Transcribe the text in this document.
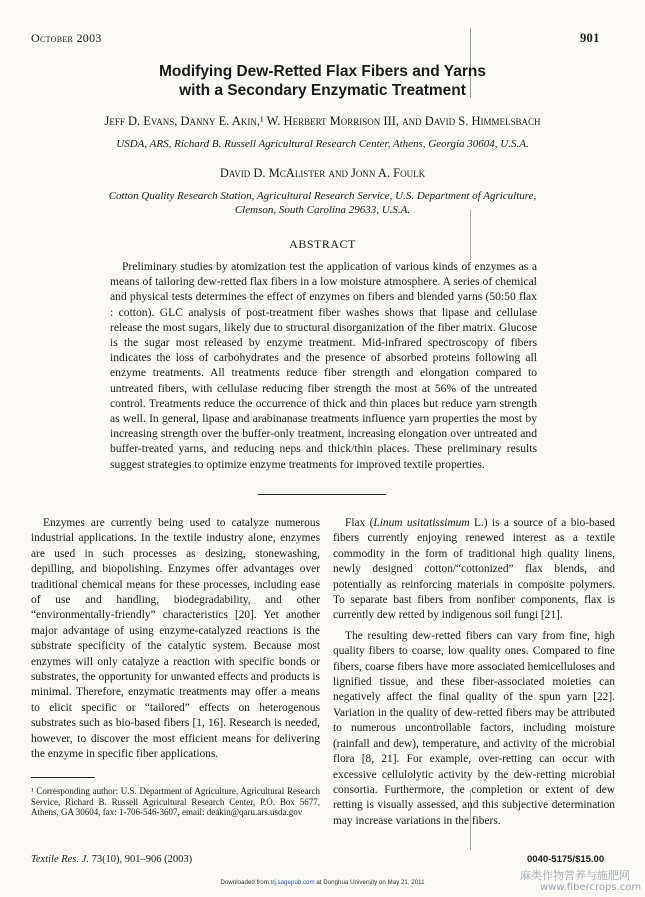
October 2003	901
Modifying Dew-Retted Flax Fibers and Yarns
with a Secondary Enzymatic Treatment
Jeff D. Evans, Danny E. Akin,¹ W. Herbert Morrison III, and David S. Himmelsbach
USDA, ARS, Richard B. Russell Agricultural Research Center, Athens, Georgia 30604, U.S.A.
David D. McAlister and Jonn A. Foulk
Cotton Quality Research Station, Agricultural Research Service, U.S. Department of Agriculture,
Clemson, South Carolina 29633, U.S.A.
ABSTRACT
Preliminary studies by atomization test the application of various kinds of enzymes as a means of tailoring dew-retted flax fibers in a low moisture atmosphere. A series of chemical and physical tests determines the effect of enzymes on fibers and blended yarns (50:50 flax : cotton). GLC analysis of post-treatment fiber washes shows that lipase and cellulase release the most sugars, likely due to structural disorganization of the fiber matrix. Glucose is the sugar most released by enzyme treatment. Mid-infrared spectroscopy of fibers indicates the loss of carbohydrates and the presence of absorbed proteins following all enzyme treatments. All treatments reduce fiber strength and elongation compared to untreated fibers, with cellulase reducing fiber strength the most at 56% of the untreated control. Treatments reduce the occurrence of thick and thin places but reduce yarn strength as well. In general, lipase and arabinanase treatments influence yarn properties the most by increasing strength over the buffer-only treatment, increasing elongation over untreated and buffer-treated yarns, and reducing neps and thick/thin places. These preliminary results suggest strategies to optimize enzyme treatments for improved textile properties.

Enzymes are currently being used to catalyze numerous industrial applications. In the textile industry alone, enzymes are used in such processes as desizing, stonewashing, depilling, and biopolishing. Enzymes offer advantages over traditional chemical means for these processes, including ease of use and handling, biodegradability, and other “environmentally-friendly” characteristics [20]. Yet another major advantage of using enzyme-catalyzed reactions is the substrate specificity of the catalytic system. Because most enzymes will only catalyze a reaction with specific bonds or substrates, the opportunity for unwanted effects and products is minimal. Therefore, enzymatic treatments may offer a means to elicit specific or “tailored” effects on heterogenous substrates such as bio-based fibers [1, 16]. Research is needed, however, to discover the most efficient means for delivering the enzyme in specific fiber applications.

¹ Corresponding author: U.S. Department of Agriculture, Agricultural Research Service, Richard B. Russell Agricultural Research Center, P.O. Box 5677, Athens, GA 30604, fax: 1-706-546-3607, email: deakin@qaru.ars.usda.gov

Flax (Linum usitatissimum L.) is a source of a bio-based fibers currently enjoying renewed interest as a textile commodity in the form of traditional high quality linens, newly designed cotton/“cottonized” flax blends, and potentially as reinforcing materials in composite polymers. To separate bast fibers from nonfiber components, flax is currently dew retted by indigenous soil fungi [21].

The resulting dew-retted fibers can vary from fine, high quality fibers to coarse, low quality ones. Compared to fine fibers, coarse fibers have more associated hemicelluloses and lignified tissue, and these fiber-associated moieties can negatively affect the final quality of the spun yarn [22]. Variation in the quality of dew-retted fibers may be attributed to numerous uncontrollable factors, including moisture (rainfall and dew), temperature, and activity of the microbial flora [8, 21]. For example, over-retting can occur with excessive cellulolytic activity by the dew-retting microbial consortia. Furthermore, the completion or extent of dew retting is visually assessed, and this subjective determination may increase variations in the fibers.

Textile Res. J. 73(10), 901–906 (2003)	0040-5175/$15.00
Downloaded from trj.sagepub.com at Donghua University on May 21, 2011
麻类作物营养与施肥网
www.fibercrops.com
